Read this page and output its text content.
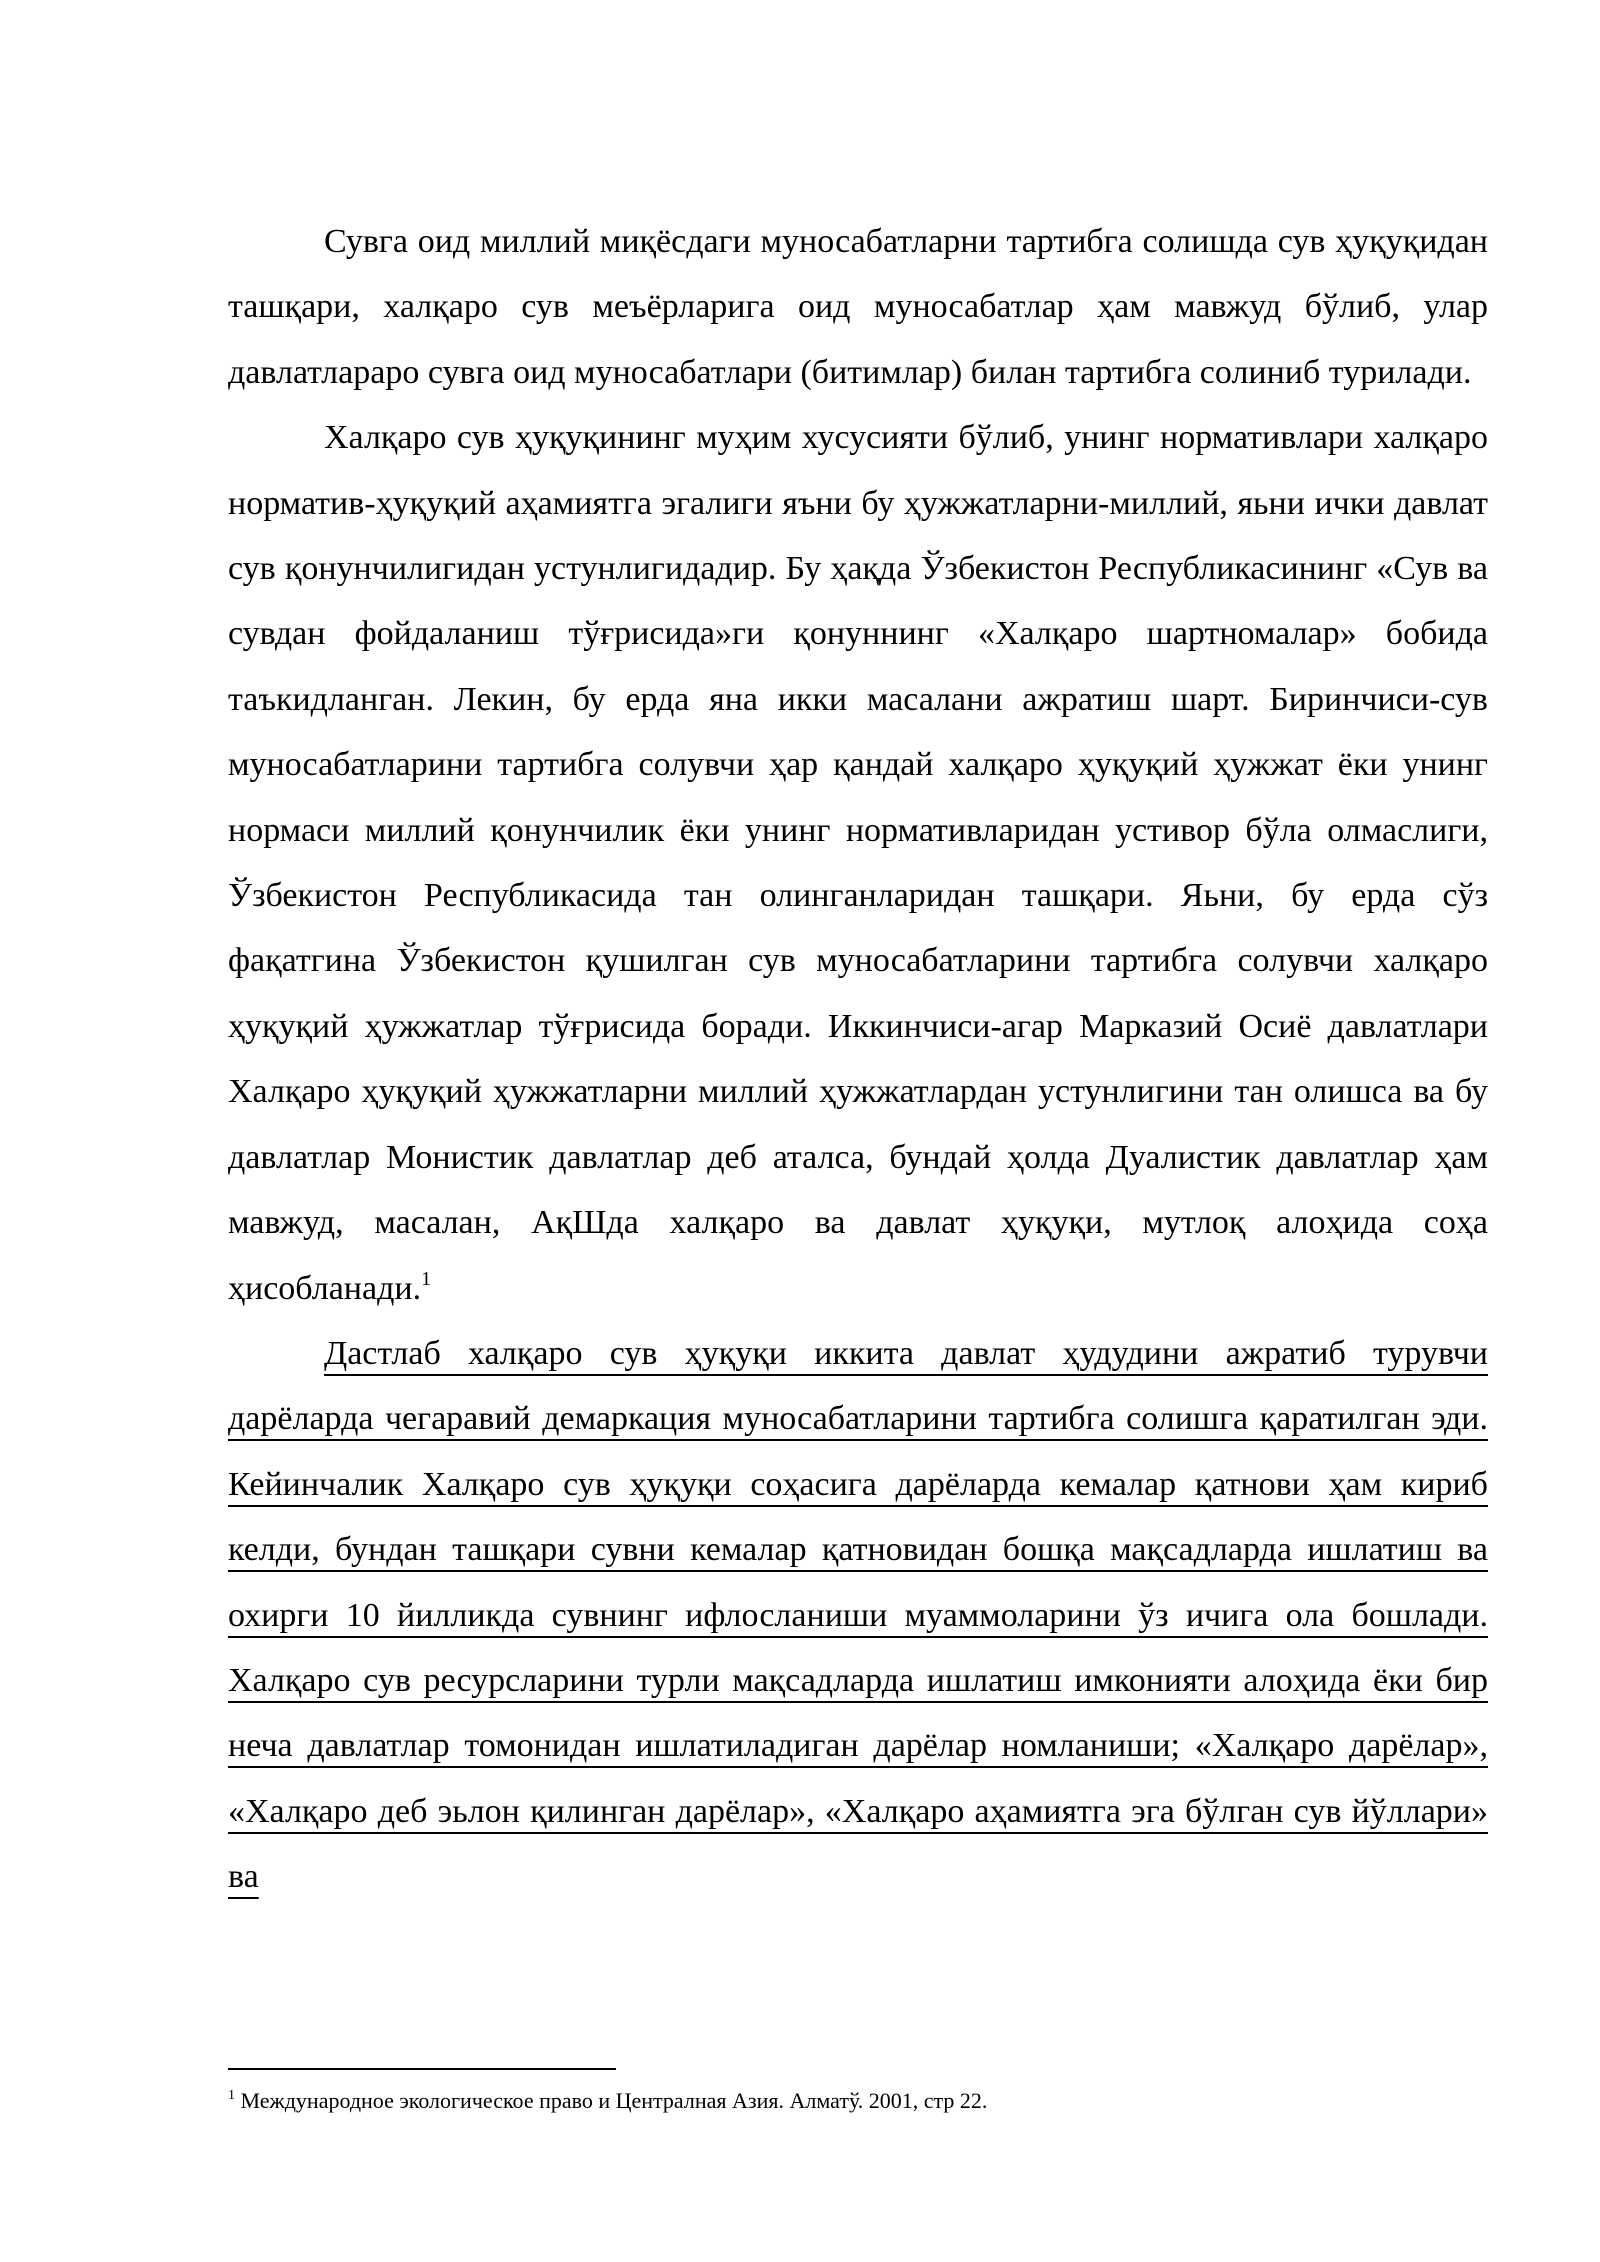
Сувга оид миллий миқёсдаги муносабатларни тартибга солишда сув ҳуқуқидан ташқари, халқаро сув меъёрларига оид муносабатлар ҳам мавжуд бўлиб, улар давлатлараро сувга оид муносабатлари (битимлар) билан тартибга солиниб турилади.

Халқаро сув ҳуқуқининг муҳим хусусияти бўлиб, унинг нормативлари халқаро норматив-ҳуқуқий аҳамиятга эгалиги яъни бу ҳужжатларни-миллий, яьни ички давлат сув қонунчилигидан устунлигидадир. Бу ҳақда Ўзбекистон Республикасининг «Сув ва сувдан фойдаланиш тўғрисида»ги қонуннинг «Халқаро шартномалар» бобида таъкидланган. Лекин, бу ерда яна икки масалани ажратиш шарт. Биринчиси-сув муносабатларини тартибга солувчи ҳар қандай халқаро ҳуқуқий ҳужжат ёки унинг нормаси миллий қонунчилик ёки унинг нормативларидан устивор бўла олмаслиги, Ўзбекистон Республикасида тан олинганларидан ташқари. Яьни, бу ерда сўз фақатгина Ўзбекистон қушилган сув муносабатларини тартибга солувчи халқаро ҳуқуқий ҳужжатлар тўғрисида боради. Иккинчиси-агар Марказий Осиё давлатлари Халқаро ҳуқуқий ҳужжатларни миллий ҳужжатлардан устунлигини тан олишса ва бу давлатлар Монистик давлатлар деб аталса, бундай ҳолда Дуалистик давлатлар ҳам мавжуд, масалан, АқШда халқаро ва давлат ҳуқуқи, мутлоқ алоҳида соҳа ҳисобланади.$^1$

Дастлаб халқаро сув ҳуқуқи иккита давлат ҳудудини ажратиб турувчи дарёларда чегаравий демаркация муносабатларини тартибга солишга қаратилган эди. Кейинчалик Халқаро сув ҳуқуқи соҳасига дарёларда кемалар қатнови ҳам кириб келди, бундан ташқари сувни кемалар қатновидан бошқа мақсадларда ишлатиш ва охирги 10 йилликда сувнинг ифлосланиши муаммоларини ўз ичига ола бошлади. Халқаро сув ресурсларини турли мақсадларда ишлатиш имконияти алоҳида ёки бир неча давлатлар томонидан ишлатиладиган дарёлар номланиши; «Халқаро дарёлар», «Халқаро деб эьлон қилинган дарёлар», «Халқаро аҳамиятга эга бўлган сув йўллари» ва

$^1$ Международное экологическое право и Централная Азия. Алматў. 2001, стр 22.
